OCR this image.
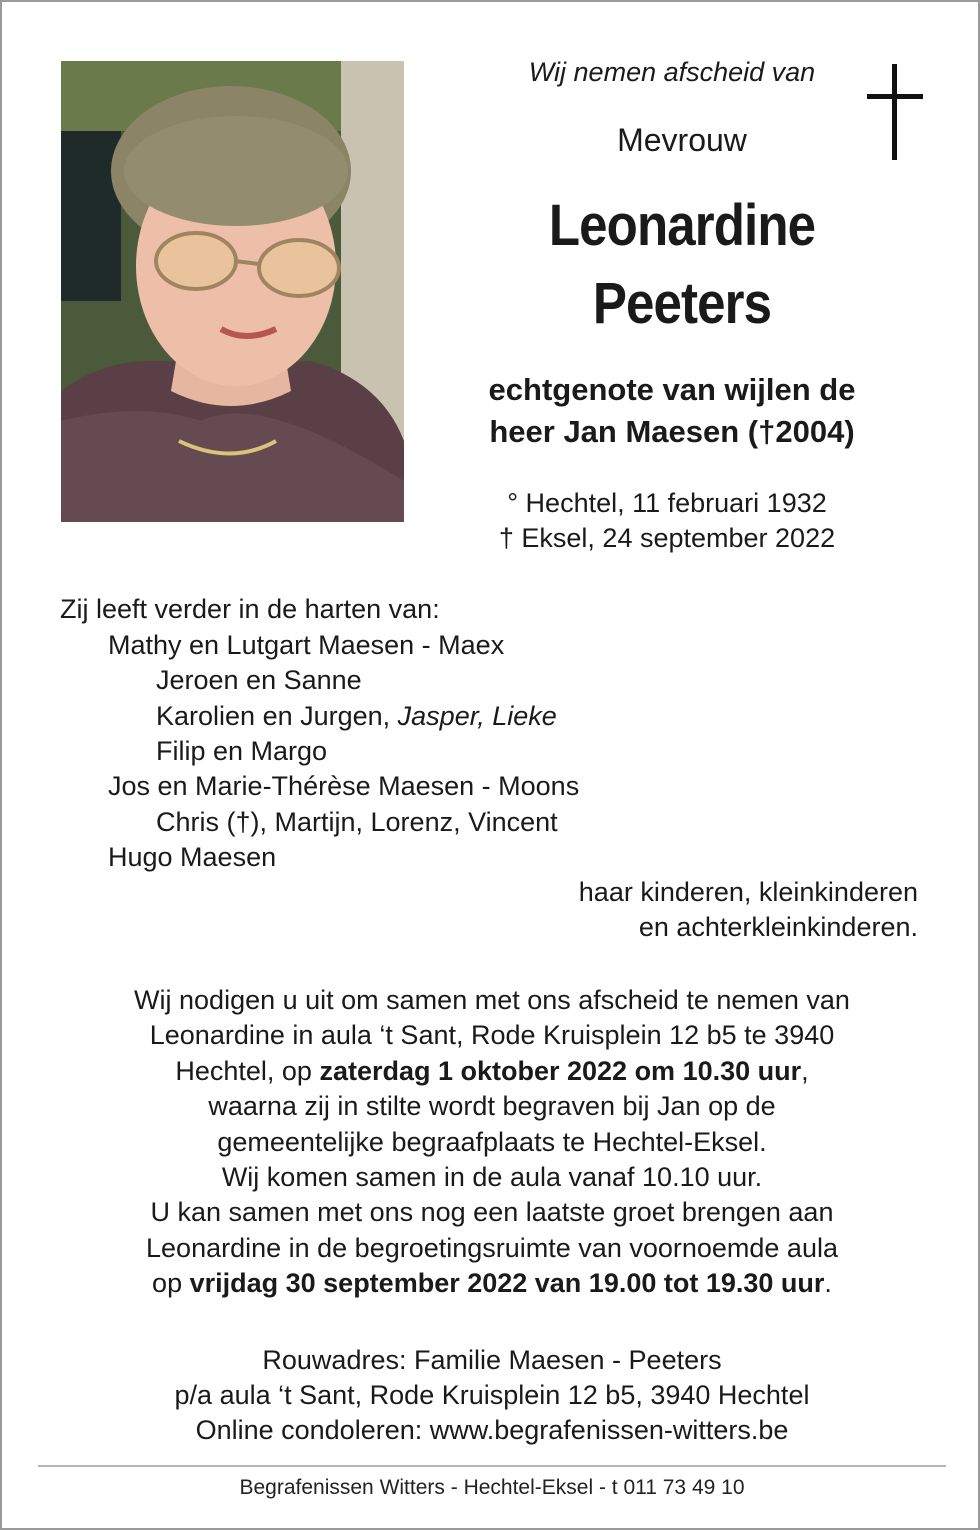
Wij nemen afscheid van
Mevrouw
Leonardine
Peeters
echtgenote van wijlen de
heer Jan Maesen (†2004)
° Hechtel, 11 februari 1932
† Eksel, 24 september 2022
Zij leeft verder in de harten van:
Mathy en Lutgart Maesen - Maex
Jeroen en Sanne
Karolien en Jurgen, Jasper, Lieke
Filip en Margo
Jos en Marie-Thérèse Maesen - Moons
Chris (†), Martijn, Lorenz, Vincent
Hugo Maesen
haar kinderen, kleinkinderen
en achterkleinkinderen.
Wij nodigen u uit om samen met ons afscheid te nemen van
Leonardine in aula ‘t Sant, Rode Kruisplein 12 b5 te 3940
Hechtel, op zaterdag 1 oktober 2022 om 10.30 uur,
waarna zij in stilte wordt begraven bij Jan op de
gemeentelijke begraafplaats te Hechtel-Eksel.
Wij komen samen in de aula vanaf 10.10 uur.
U kan samen met ons nog een laatste groet brengen aan
Leonardine in de begroetingsruimte van voornoemde aula
op vrijdag 30 september 2022 van 19.00 tot 19.30 uur.
Rouwadres: Familie Maesen - Peeters
p/a aula ‘t Sant, Rode Kruisplein 12 b5, 3940 Hechtel
Online condoleren: www.begrafenissen-witters.be
Begrafenissen Witters - Hechtel-Eksel - t 011 73 49 10
